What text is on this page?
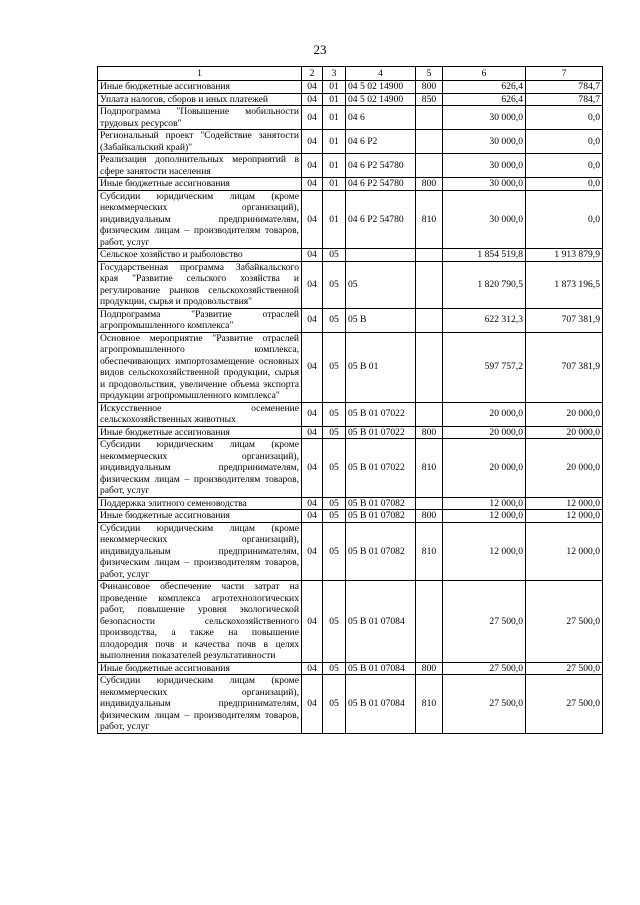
23
1	2	3	4	5	6	7
Иные бюджетные ассигнования	04	01	04 5 02 14900	800	626,4	784,7
Уплата налогов, сборов и иных платежей	04	01	04 5 02 14900	850	626,4	784,7
Подпрограмма "Повышение мобильности трудовых ресурсов"	04	01	04 6		30 000,0	0,0
Региональный проект "Содействие занятости (Забайкальский край)"	04	01	04 6 P2		30 000,0	0,0
Реализация дополнительных мероприятий в сфере занятости населения	04	01	04 6 P2 54780		30 000,0	0,0
Иные бюджетные ассигнования	04	01	04 6 P2 54780	800	30 000,0	0,0
Субсидии юридическим лицам (кроме некоммерческих организаций), индивидуальным предпринимателям, физическим лицам – производителям товаров, работ, услуг	04	01	04 6 P2 54780	810	30 000,0	0,0
Сельское хозяйство и рыболовство	04	05			1 854 519,8	1 913 879,9
Государственная программа Забайкальского края "Развитие сельского хозяйства и регулирование рынков сельскохозяйственной продукции, сырья и продовольствия"	04	05	05		1 820 790,5	1 873 196,5
Подпрограмма "Развитие отраслей агропромышленного комплекса"	04	05	05 В		622 312,3	707 381,9
Основное мероприятие "Развитие отраслей агропромышленного комплекса, обеспечивающих импортозамещение основных видов сельскохозяйственной продукции, сырья и продовольствия, увеличение объема экспорта продукции агропромышленного комплекса"	04	05	05 В 01		597 757,2	707 381,9
Искусственное осеменение сельскохозяйственных животных	04	05	05 В 01 07022		20 000,0	20 000,0
Иные бюджетные ассигнования	04	05	05 В 01 07022	800	20 000,0	20 000,0
Субсидии юридическим лицам (кроме некоммерческих организаций), индивидуальным предпринимателям, физическим лицам – производителям товаров, работ, услуг	04	05	05 В 01 07022	810	20 000,0	20 000,0
Поддержка элитного семеноводства	04	05	05 В 01 07082		12 000,0	12 000,0
Иные бюджетные ассигнования	04	05	05 В 01 07082	800	12 000,0	12 000,0
Субсидии юридическим лицам (кроме некоммерческих организаций), индивидуальным предпринимателям, физическим лицам – производителям товаров, работ, услуг	04	05	05 В 01 07082	810	12 000,0	12 000,0
Финансовое обеспечение части затрат на проведение комплекса агротехнологических работ, повышение уровня экологической безопасности сельскохозяйственного производства, а также на повышение плодородия почв и качества почв в целях выполнения показателей результативности	04	05	05 В 01 07084		27 500,0	27 500,0
Иные бюджетные ассигнования	04	05	05 В 01 07084	800	27 500,0	27 500,0
Субсидии юридическим лицам (кроме некоммерческих организаций), индивидуальным предпринимателям, физическим лицам – производителям товаров, работ, услуг	04	05	05 В 01 07084	810	27 500,0	27 500,0
